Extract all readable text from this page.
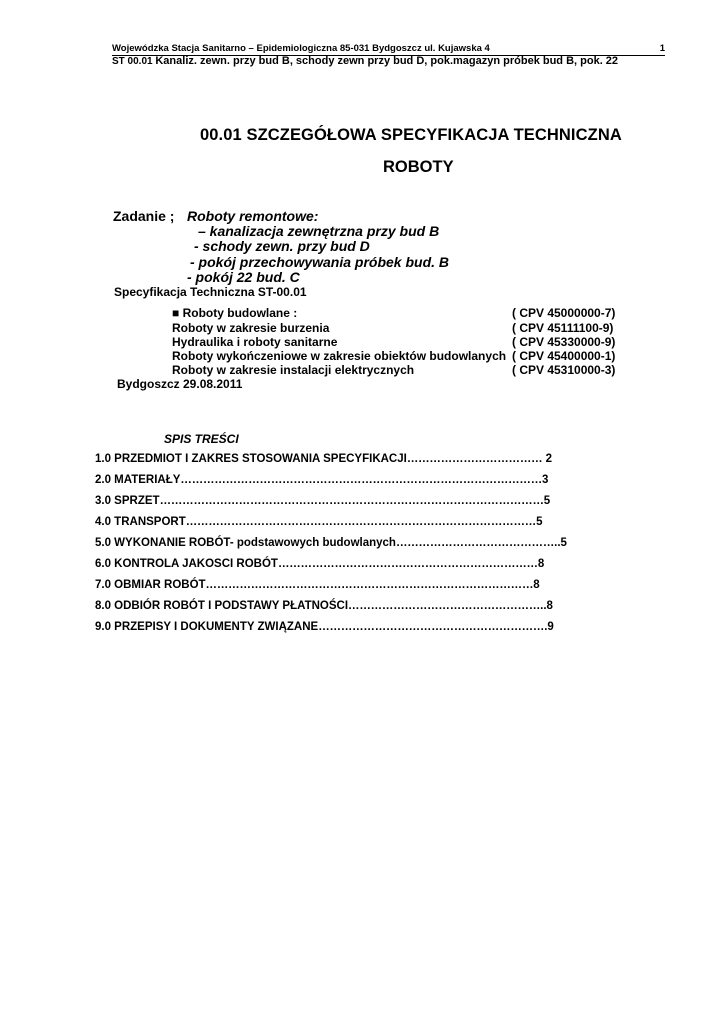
Wojewódzka Stacja Sanitarno – Epidemiologiczna 85-031 Bydgoszcz ul. Kujawska 4	1
ST 00.01 Kanaliz. zewn. przy bud B, schody zewn przy bud D, pok.magazyn próbek bud B, pok. 22
00.01 SZCZEGÓŁOWA SPECYFIKACJA TECHNICZNA
ROBOTY
Zadanie ; Roboty remontowe:
– kanalizacja zewnętrzna przy bud B
- schody zewn. przy bud D
- pokój przechowywania próbek bud. B
- pokój 22 bud. C
Specyfikacja Techniczna ST-00.01
■ Roboty budowlane :	( CPV 45000000-7)
Roboty w zakresie burzenia	( CPV 45111100-9)
Hydraulika i roboty sanitarne	( CPV 45330000-9)
Roboty wykończeniowe w zakresie obiektów budowlanych ( CPV 45400000-1)
Roboty w zakresie instalacji elektrycznych	( CPV 45310000-3)
Bydgoszcz 29.08.2011
SPIS TREŚCI
1.0 PRZEDMIOT I ZAKRES STOSOWANIA SPECYFIKACJI……………………………… 2
2.0 MATERIAŁY……………………………………………………………………………………3
3.0 SPRZET…………………………………………………………………………………………5
4.0 TRANSPORT…………………………………………………………………………………5
5.0 WYKONANIE ROBÓT- podstawowych budowlanych……………………………………..5
6.0 KONTROLA JAKOSCI ROBÓT……………………………………………………………8
7.0 OBMIAR ROBÓT……………………………………………………………………………8
8.0 ODBIÓR ROBÓT I PODSTAWY PŁATNOŚCI……………………………………………..8
9.0 PRZEPISY I DOKUMENTY ZWIĄZANE…………………………………………………….9
